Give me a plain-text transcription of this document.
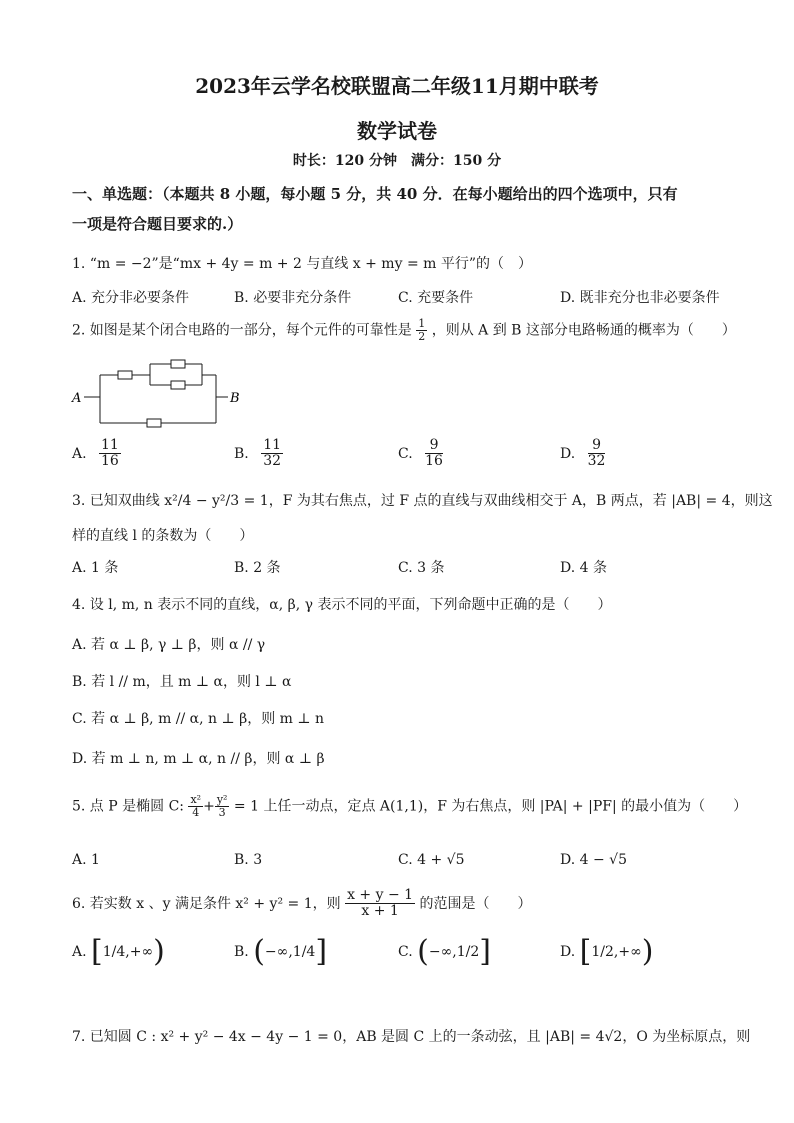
2023年云学名校联盟高二年级11月期中联考
数学试卷
时长：120 分钟　满分：150 分
一、单选题：（本题共 8 小题，每小题 5 分，共 40 分．在每小题给出的四个选项中，只有
一项是符合题目要求的.）
1. “m = −2”是“mx + 4y = m + 2 与直线 x + my = m 平行”的（　）
A. 充分非必要条件	B. 必要非充分条件	C. 充要条件	D. 既非充分也非必要条件
2. 如图是某个闭合电路的一部分，每个元件的可靠性是 $\frac{1}{2}$ ，则从 A 到 B 这部分电路畅通的概率为（　　）
A	B
A. $\frac{11}{16}$	B. $\frac{11}{32}$	C. $\frac{9}{16}$	D. $\frac{9}{32}$
3. 已知双曲线 x²/4 − y²/3 = 1，F 为其右焦点，过 F 点的直线与双曲线相交于 A，B 两点，若 |AB| = 4，则这
样的直线 l 的条数为（　　）
A. 1 条	B. 2 条	C. 3 条	D. 4 条
4. 设 l, m, n 表示不同的直线，α, β, γ 表示不同的平面，下列命题中正确的是（　　）
A. 若 α ⊥ β, γ ⊥ β，则 α // γ
B. 若 l // m，且 m ⊥ α，则 l ⊥ α
C. 若 α ⊥ β, m // α, n ⊥ β，则 m ⊥ n
D. 若 m ⊥ n, m ⊥ α, n // β，则 α ⊥ β
5. 点 P 是椭圆 C: $\frac{\text{x²}}{4} + \frac{\text{y²}}{3} = 1$ 上任一动点，定点 A(1,1)，F 为右焦点，则 |PA| + |PF| 的最小值为（　　）
A. 1	B. 3	C. 4 + √5	D. 4 − √5
6. 若实数 x 、y 满足条件 x² + y² = 1，则 $\frac{x + y - 1}{x + 1}$ 的范围是（　　）
A. [1/4,+∞)	B. (−∞,1/4]	C. (−∞,1/2]	D. [1/2,+∞)
7. 已知圆 C : x² + y² − 4x − 4y − 1 = 0，AB 是圆 C 上的一条动弦，且 |AB| = 4√2，O 为坐标原点，则
